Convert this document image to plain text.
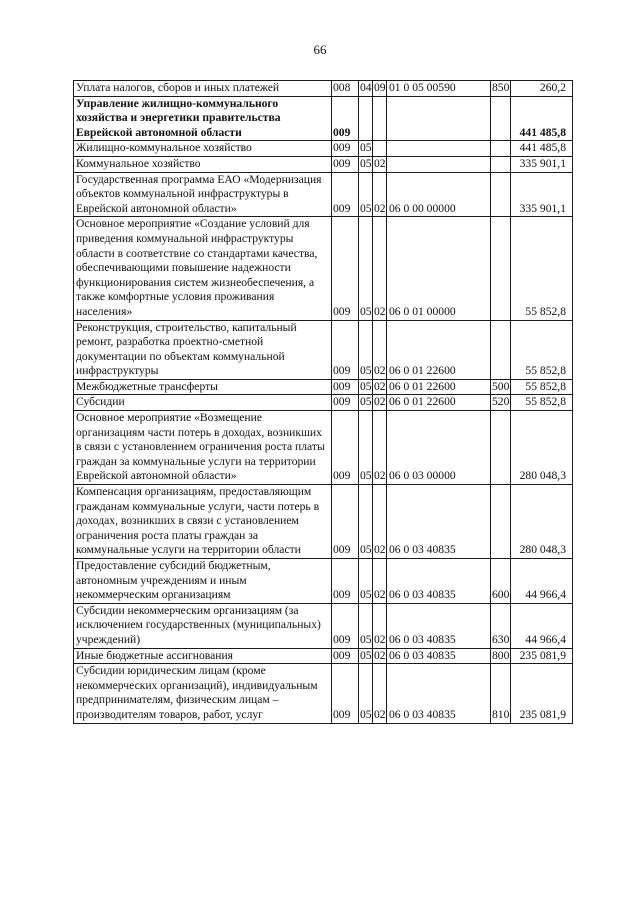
66
Уплата налогов, сборов и иных платежей	008	04	09	01 0 05 00590	850	260,2
Управление жилищно-коммунального хозяйства и энергетики правительства Еврейской автономной области	009					441 485,8
Жилищно-коммунальное хозяйство	009	05				441 485,8
Коммунальное хозяйство	009	05	02			335 901,1
Государственная программа ЕАО «Модернизация объектов коммунальной инфраструктуры в Еврейской автономной области»	009	05	02	06 0 00 00000		335 901,1
Основное мероприятие «Создание условий для приведения коммунальной инфраструктуры области в соответствие со стандартами качества, обеспечивающими повышение надежности функционирования систем жизнеобеспечения, а также комфортные условия проживания населения»	009	05	02	06 0 01 00000		55 852,8
Реконструкция, строительство, капитальный ремонт, разработка проектно-сметной документации по объектам коммунальной инфраструктуры	009	05	02	06 0 01 22600		55 852,8
Межбюджетные трансферты	009	05	02	06 0 01 22600	500	55 852,8
Субсидии	009	05	02	06 0 01 22600	520	55 852,8
Основное мероприятие «Возмещение организациям части потерь в доходах, возникших в связи с установлением ограничения роста платы граждан за коммунальные услуги на территории Еврейской автономной области»	009	05	02	06 0 03 00000		280 048,3
Компенсация организациям, предоставляющим гражданам коммунальные услуги, части потерь в доходах, возникших в связи с установлением ограничения роста платы граждан за коммунальные услуги на территории области	009	05	02	06 0 03 40835		280 048,3
Предоставление субсидий бюджетным, автономным учреждениям и иным некоммерческим организациям	009	05	02	06 0 03 40835	600	44 966,4
Субсидии некоммерческим организациям (за исключением государственных (муниципальных) учреждений)	009	05	02	06 0 03 40835	630	44 966,4
Иные бюджетные ассигнования	009	05	02	06 0 03 40835	800	235 081,9
Субсидии юридическим лицам (кроме некоммерческих организаций), индивидуальным предпринимателям, физическим лицам – производителям товаров, работ, услуг	009	05	02	06 0 03 40835	810	235 081,9
